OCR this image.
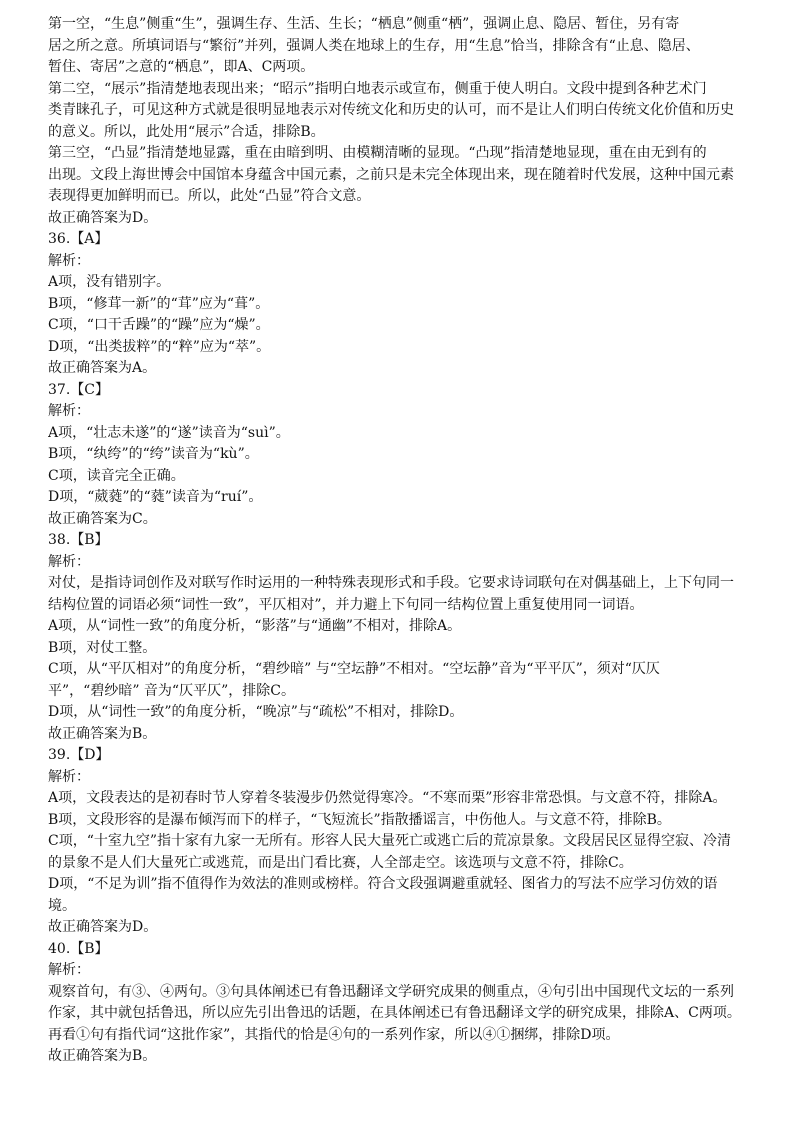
第一空，“生息”侧重“生”，强调生存、生活、生长；“栖息”侧重“栖”，强调止息、隐居、暂住，另有寄
居之所之意。所填词语与“繁衍”并列，强调人类在地球上的生存，用“生息”恰当，排除含有“止息、隐居、
暂住、寄居”之意的“栖息”，即A、C两项。
第二空，“展示”指清楚地表现出来；“昭示”指明白地表示或宣布，侧重于使人明白。文段中提到各种艺术门
类青睐孔子，可见这种方式就是很明显地表示对传统文化和历史的认可，而不是让人们明白传统文化价值和历史
的意义。所以，此处用“展示”合适，排除B。
第三空，“凸显”指清楚地显露，重在由暗到明、由模糊清晰的显现。“凸现”指清楚地显现，重在由无到有的
出现。文段上海世博会中国馆本身蕴含中国元素，之前只是未完全体现出来，现在随着时代发展，这种中国元素
表现得更加鲜明而已。所以，此处“凸显”符合文意。
故正确答案为D。
36.【A】
解析：
A项，没有错别字。
B项，“修茸一新”的“茸”应为“葺”。
C项，“口干舌躁”的“躁”应为“燥”。
D项，“出类拔粹”的“粹”应为“萃”。
故正确答案为A。
37.【C】
解析：
A项，“壮志未遂”的“遂”读音为“suì”。
B项，“纨绔”的“绔”读音为“kù”。
C项，读音完全正确。
D项，“葳蕤”的“蕤”读音为“ruí”。
故正确答案为C。
38.【B】
解析：
对仗，是指诗词创作及对联写作时运用的一种特殊表现形式和手段。它要求诗词联句在对偶基础上，上下句同一
结构位置的词语必须“词性一致”，平仄相对”，并力避上下句同一结构位置上重复使用同一词语。
A项，从“词性一致”的角度分析，“影落”与“通幽”不相对，排除A。
B项，对仗工整。
C项，从“平仄相对”的角度分析，“碧纱暗” 与“空坛静”不相对。“空坛静”音为“平平仄”，须对“仄仄
平”，“碧纱暗” 音为“仄平仄”，排除C。
D项，从“词性一致”的角度分析，“晚凉”与“疏松”不相对，排除D。
故正确答案为B。
39.【D】
解析：
A项，文段表达的是初春时节人穿着冬装漫步仍然觉得寒冷。“不寒而栗”形容非常恐惧。与文意不符，排除A。
B项，文段形容的是瀑布倾泻而下的样子，“飞短流长”指散播谣言，中伤他人。与文意不符，排除B。
C项，“十室九空”指十家有九家一无所有。形容人民大量死亡或逃亡后的荒凉景象。文段居民区显得空寂、冷清
的景象不是人们大量死亡或逃荒，而是出门看比赛，人全部走空。该选项与文意不符，排除C。
D项，“不足为训”指不值得作为效法的准则或榜样。符合文段强调避重就轻、图省力的写法不应学习仿效的语
境。
故正确答案为D。
40.【B】
解析：
观察首句，有③、④两句。③句具体阐述已有鲁迅翻译文学研究成果的侧重点，④句引出中国现代文坛的一系列
作家，其中就包括鲁迅，所以应先引出鲁迅的话题，在具体阐述已有鲁迅翻译文学的研究成果，排除A、C两项。
再看①句有指代词“这批作家”，其指代的恰是④句的一系列作家，所以④①捆绑，排除D项。
故正确答案为B。
